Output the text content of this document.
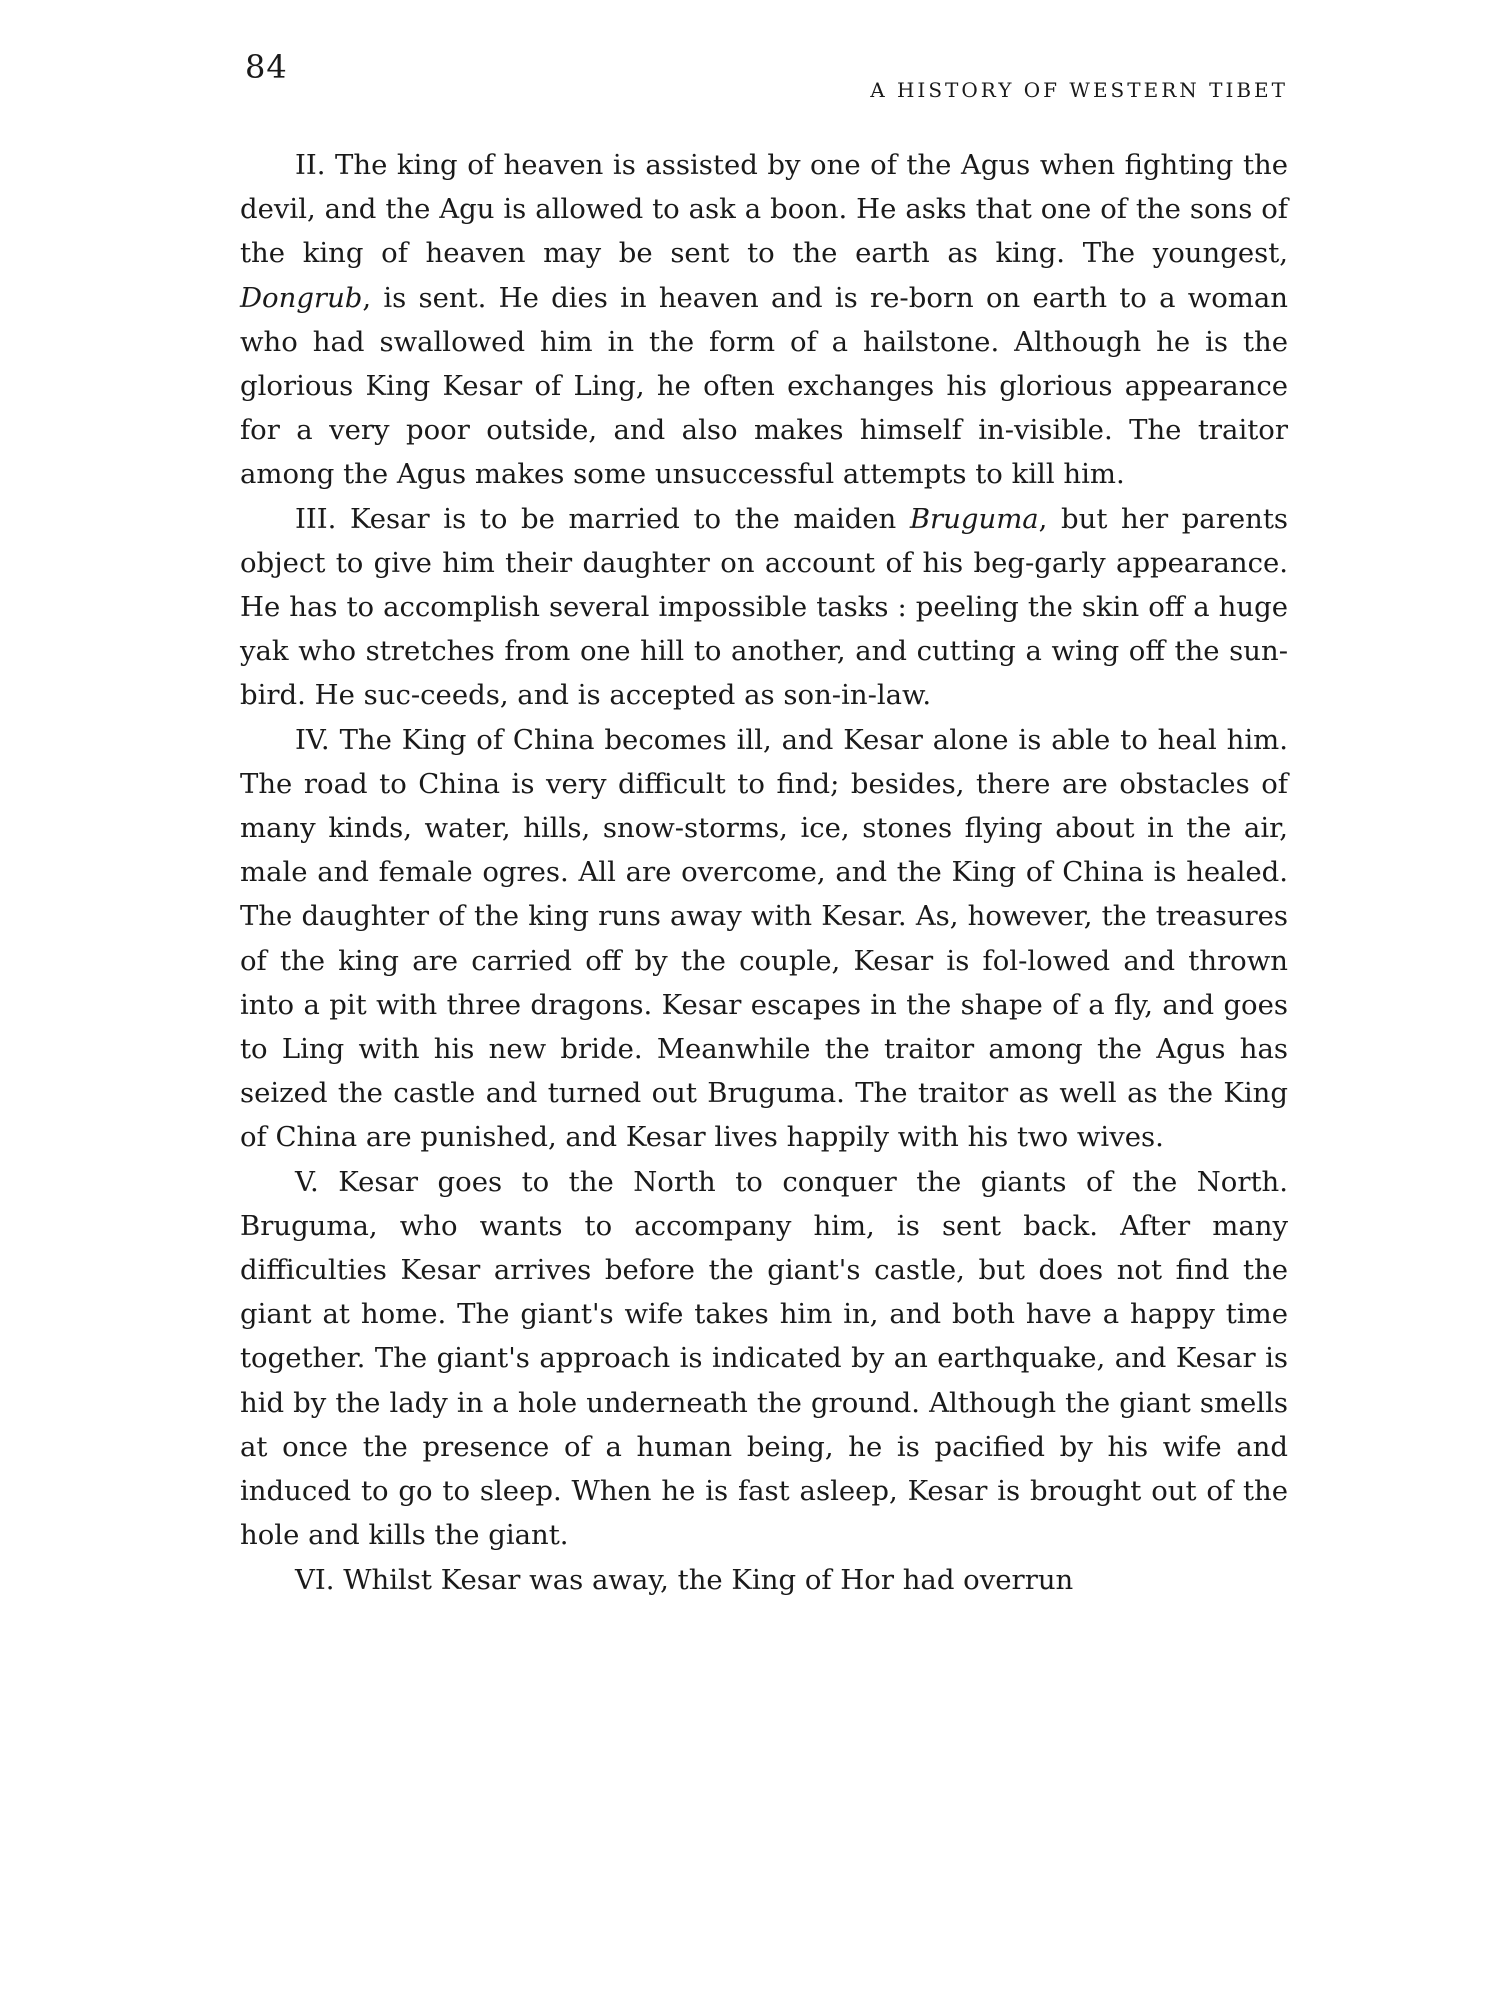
84
A HISTORY OF WESTERN TIBET

II. The king of heaven is assisted by one of the Agus when fighting the devil, and the Agu is allowed to ask a boon. He asks that one of the sons of the king of heaven may be sent to the earth as king. The youngest, Dongrub, is sent. He dies in heaven and is re-born on earth to a woman who had swallowed him in the form of a hailstone. Although he is the glorious King Kesar of Ling, he often exchanges his glorious appearance for a very poor outside, and also makes himself in-visible. The traitor among the Agus makes some unsuccessful attempts to kill him.

III. Kesar is to be married to the maiden Bruguma, but her parents object to give him their daughter on account of his beg-garly appearance. He has to accomplish several impossible tasks : peeling the skin off a huge yak who stretches from one hill to another, and cutting a wing off the sun-bird. He suc-ceeds, and is accepted as son-in-law.

IV. The King of China becomes ill, and Kesar alone is able to heal him. The road to China is very difficult to find; besides, there are obstacles of many kinds, water, hills, snow-storms, ice, stones flying about in the air, male and female ogres. All are overcome, and the King of China is healed. The daughter of the king runs away with Kesar. As, however, the treasures of the king are carried off by the couple, Kesar is fol-lowed and thrown into a pit with three dragons. Kesar escapes in the shape of a fly, and goes to Ling with his new bride. Meanwhile the traitor among the Agus has seized the castle and turned out Bruguma. The traitor as well as the King of China are punished, and Kesar lives happily with his two wives.

V. Kesar goes to the North to conquer the giants of the North. Bruguma, who wants to accompany him, is sent back. After many difficulties Kesar arrives before the giant's castle, but does not find the giant at home. The giant's wife takes him in, and both have a happy time together. The giant's approach is indicated by an earthquake, and Kesar is hid by the lady in a hole underneath the ground. Although the giant smells at once the presence of a human being, he is pacified by his wife and induced to go to sleep. When he is fast asleep, Kesar is brought out of the hole and kills the giant.

VI. Whilst Kesar was away, the King of Hor had overrun
